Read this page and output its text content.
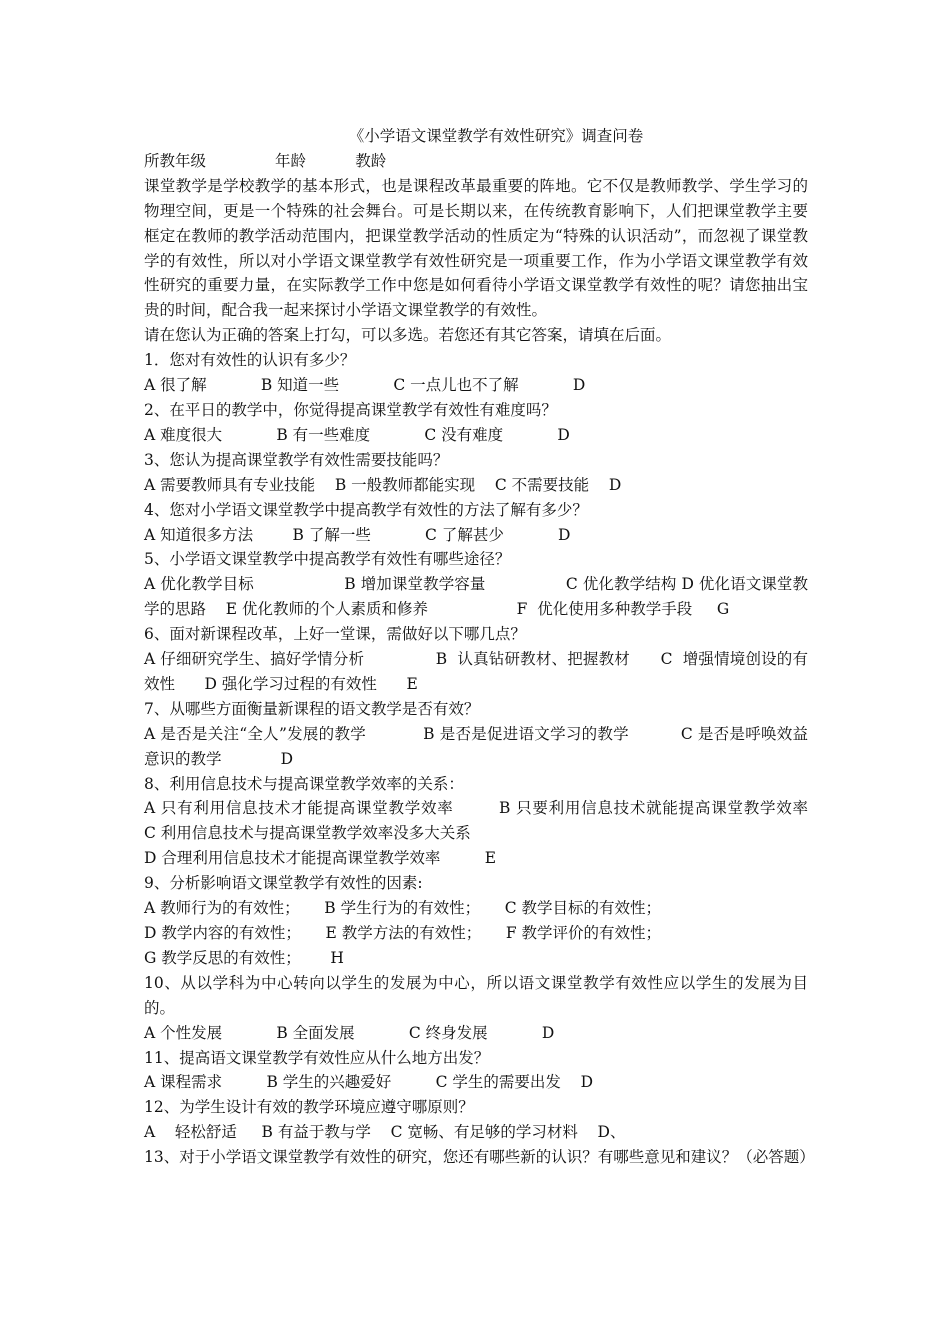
《小学语文课堂教学有效性研究》调查问卷
所教年级              年龄          教龄
课堂教学是学校教学的基本形式，也是课程改革最重要的阵地。它不仅是教师教学、学生学习的物理空间，更是一个特殊的社会舞台。可是长期以来，在传统教育影响下，人们把课堂教学主要框定在教师的教学活动范围内，把课堂教学活动的性质定为“特殊的认识活动”，而忽视了课堂教学的有效性，所以对小学语文课堂教学有效性研究是一项重要工作，作为小学语文课堂教学有效性研究的重要力量，在实际教学工作中您是如何看待小学语文课堂教学有效性的呢？请您抽出宝贵的时间，配合我一起来探讨小学语文课堂教学的有效性。
请在您认为正确的答案上打勾，可以多选。若您还有其它答案，请填在后面。
1．您对有效性的认识有多少？
A 很了解           B 知道一些           C 一点儿也不了解           D
2、在平日的教学中，你觉得提高课堂教学有效性有难度吗？
A 难度很大           B 有一些难度           C 没有难度           D
3、您认为提高课堂教学有效性需要技能吗？
A 需要教师具有专业技能    B 一般教师都能实现    C 不需要技能    D
4、您对小学语文课堂教学中提高教学有效性的方法了解有多少？
A 知道很多方法        B 了解一些           C 了解甚少           D
5、小学语文课堂教学中提高教学有效性有哪些途径？
A 优化教学目标                  B 增加课堂教学容量                C 优化教学结构 D 优化语文课堂教学的思路    E 优化教师的个人素质和修养                  F  优化使用多种教学手段     G
6、面对新课程改革，上好一堂课，需做好以下哪几点？
A 仔细研究学生、搞好学情分析              B  认真钻研教材、把握教材      C  增强情境创设的有效性      D 强化学习过程的有效性      E
7、从哪些方面衡量新课程的语文教学是否有效？
A 是否是关注“全人”发展的教学           B 是否是促进语文学习的教学          C 是否是呼唤效益意识的教学            D
8、利用信息技术与提高课堂教学效率的关系：
A 只有利用信息技术才能提高课堂教学效率        B 只要利用信息技术就能提高课堂教学效率              C 利用信息技术与提高课堂教学效率没多大关系
D 合理利用信息技术才能提高课堂教学效率         E
9、分析影响语文课堂教学有效性的因素:
A 教师行为的有效性；     B 学生行为的有效性；     C 教学目标的有效性；
D 教学内容的有效性；     E 教学方法的有效性；     F 教学评价的有效性；
G 教学反思的有效性；      H
10、从以学科为中心转向以学生的发展为中心，所以语文课堂教学有效性应以学生的发展为目的。
A 个性发展           B 全面发展           C 终身发展           D
11、提高语文课堂教学有效性应从什么地方出发？
A 课程需求         B 学生的兴趣爱好         C 学生的需要出发    D
12、为学生设计有效的教学环境应遵守哪原则？
A    轻松舒适     B 有益于教与学    C 宽畅、有足够的学习材料    D、
13、对于小学语文课堂教学有效性的研究，您还有哪些新的认识？有哪些意见和建议？（必答题）
